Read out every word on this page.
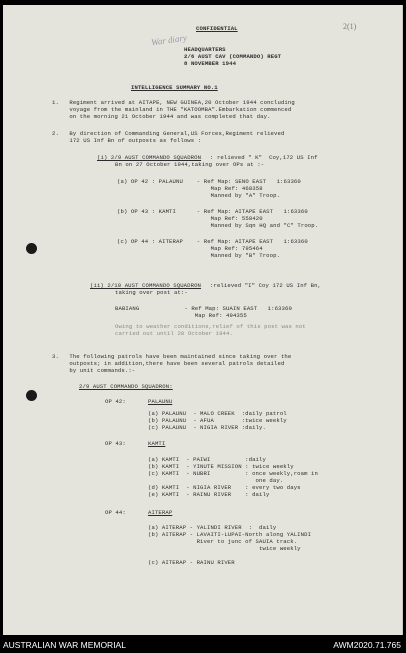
2(1)
War diary
CONFIDENTIAL
HEADQUARTERS
2/6 AUST CAV (COMMANDO) REGT
8 NOVEMBER 1944
INTELLIGENCE SUMMARY NO.1
1.   Regiment arrived at AITAPE, NEW GUINEA,20 October 1944 concluding
voyage from the mainland in THE "KATOOMBA".Embarkation commenced
on the morning 21 October 1944 and was completed that day.
2.   By direction of Commanding General,US Forces,Regiment relieved
172 US Inf Bn of outposts as follows :
(i) 2/9 AUST COMMANDO SQUADRON : relieved " K"  Coy,172 US Inf
Bn on 27 October 1944,taking over OPs at :-
(a) OP 42 : PALAUNU    - Ref Map: SENO EAST   1:63360
Map Ref: 468358
Manned by "A" Troop.
(b) OP 43 : KAMTI      - Ref Map: AITAPE EAST   1:63360
Map Ref: 558420
Manned by Sqn HQ and "C" Troop.
(c) OP 44 : AITERAP    - Ref Map: AITAPE EAST   1:63360
Map Ref: 795464
Manned by "B" Troop.
(ii) 2/10 AUST COMMANDO SQUADRON :relieved "I" Coy 172 US Inf Bn,
taking over post at:-
BABIANG             - Ref Map: SUAIN EAST   1:63360
Map Ref: 494355
Owing to weather conditions,relief of this post was not
carried out until 28 October 1944.
3.   The following patrols have been maintained since taking over the
outposts; in addition,there have been several patrols detailed
by unit commands.:-
2/9 AUST COMMANDO SQUADRON:
OP 42:	PALAUNU
(a) PALAUNU  - MALO CREEK  :daily patrol
(b) PALAUNU  - AFUA        :twice weekly
(c) PALAUNU  - NIGIA RIVER :daily.
OP 43:	KAMTI
(a) KAMTI  - PAIWI          :daily
(b) KAMTI  - YINUTE MISSION : twice weekly
(c) KAMTI  - NUBRI          : once weekly,roam in
one day.
(d) KAMTI  - NIGIA RIVER    : every two days
(e) KAMTI  - RAINU RIVER    : daily
OP 44:	AITERAP
(a) AITERAP - YALINDI RIVER  :  daily
(b) AITERAP - LAVAITI-LUPAI-North along YALINDI
River to junc of SAUIA track.
twice weekly
(c) AITERAP - RAINU RIVER
AUSTRALIAN WAR MEMORIAL	AWM2020.71.765
